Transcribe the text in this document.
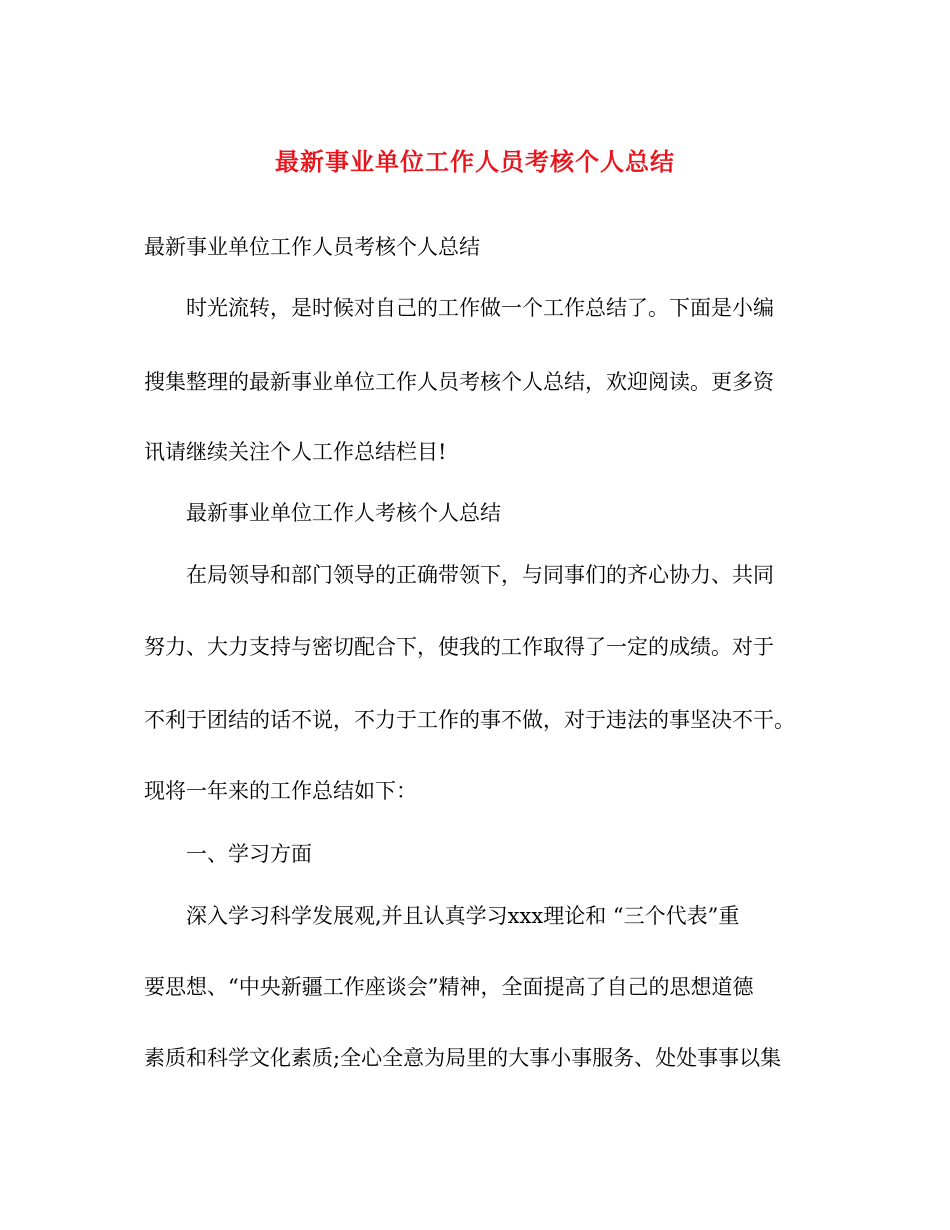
最新事业单位工作人员考核个人总结
最新事业单位工作人员考核个人总结
时光流转，是时候对自己的工作做一个工作总结了。下面是小编
搜集整理的最新事业单位工作人员考核个人总结，欢迎阅读。更多资
讯请继续关注个人工作总结栏目!
最新事业单位工作人考核个人总结
在局领导和部门领导的正确带领下，与同事们的齐心协力、共同
努力、大力支持与密切配合下，使我的工作取得了一定的成绩。对于
不利于团结的话不说，不力于工作的事不做，对于违法的事坚决不干。
现将一年来的工作总结如下：
一、学习方面
深入学习科学发展观,并且认真学习xxx理论和 “三个代表”重
要思想、“中央新疆工作座谈会”精神，全面提高了自己的思想道德
素质和科学文化素质;全心全意为局里的大事小事服务、处处事事以集
